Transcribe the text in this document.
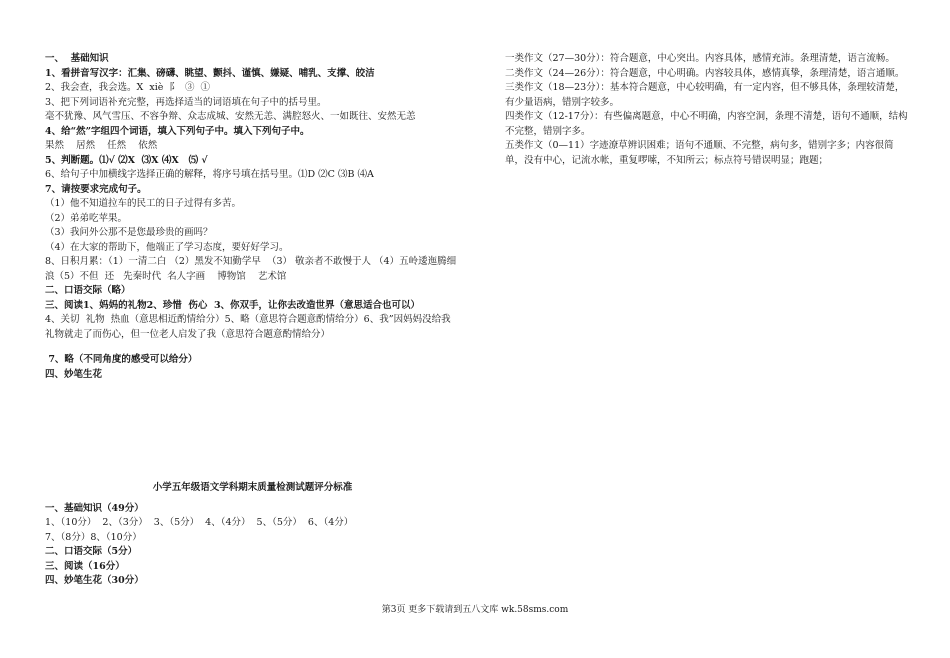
一、  基础知识
1、看拼音写汉字：汇集、磅礴、眺望、颤抖、谨慎、嫌疑、哺乳、支撑、皎洁
2、我会查，我会选。X  xiè  阝  ③  ①
3、把下列词语补充完整，再选择适当的词语填在句子中的括号里。
毫不犹豫、风气雪压、不容争辩、众志成城、安然无恙、满腔怒火、一如既往、安然无恙
4、给“然”字组四个词语，填入下列句子中。填入下列句子中。
果然    居然    任然    依然
5、判断题。⑴√ ⑵X  ⑶X ⑷X   ⑸ √
6、给句子中加横线字选择正确的解释，将序号填在括号里。⑴D ⑵C ⑶B ⑷A
7、请按要求完成句子。
（1）他不知道拉车的民工的日子过得有多苦。
（2）弟弟吃苹果。
（3）我问外公那不是您最珍贵的画吗？
（4）在大家的帮助下，他端正了学习态度，要好好学习。
8、日积月累：（1）一清二白 （2）黑发不知勤学早  （3） 敬亲者不敢慢于人 （4）五岭逶迤腾细浪（5）不但  还   先秦时代  名人字画    博物馆    艺术馆
二、口语交际（略）
三、阅读1、妈妈的礼物2、珍惜  伤心  3、你双手，让你去改造世界（意思适合也可以）
4、关切  礼物  热血（意思相近酌情给分）5、略（意思符合题意酌情给分）6、我”因妈妈没给我礼物就走了而伤心，但一位老人启发了我（意思符合题意酌情给分）
7、略（不同角度的感受可以给分）
四、妙笔生花
小学五年级语文学科期末质量检测试题评分标准
一、基础知识（49分）
1、（10分）  2、（3分）  3、（5分）  4、（4分）  5、（5分）  6、（4分）
7、（8分）8、（10分）
二、口语交际（5分）
三、阅读（16分）
四、妙笔生花（30分）
一类作文（27—30分）：符合题意，中心突出。内容具体，感情充沛。条理清楚，语言流畅。
二类作文（24—26分）：符合题意，中心明确。内容较具体，感情真挚，条理清楚，语言通顺。
三类作文（18—23分）：基本符合题意，中心较明确，有一定内容，但不够具体，条理较清楚，有少量语病，错别字较多。
四类作文（12-17分）：有些偏离题意，中心不明确，内容空洞，条理不清楚，语句不通顺，结构不完整，错别字多。
五类作文（0—11）字迹潦草辨识困难；语句不通顺、不完整，病句多，错别字多；内容很简单，没有中心，记流水帐，重复啰嗦，不知所云；标点符号错误明显；跑题；
第3页 更多下载请到五八文库 wk.58sms.com
